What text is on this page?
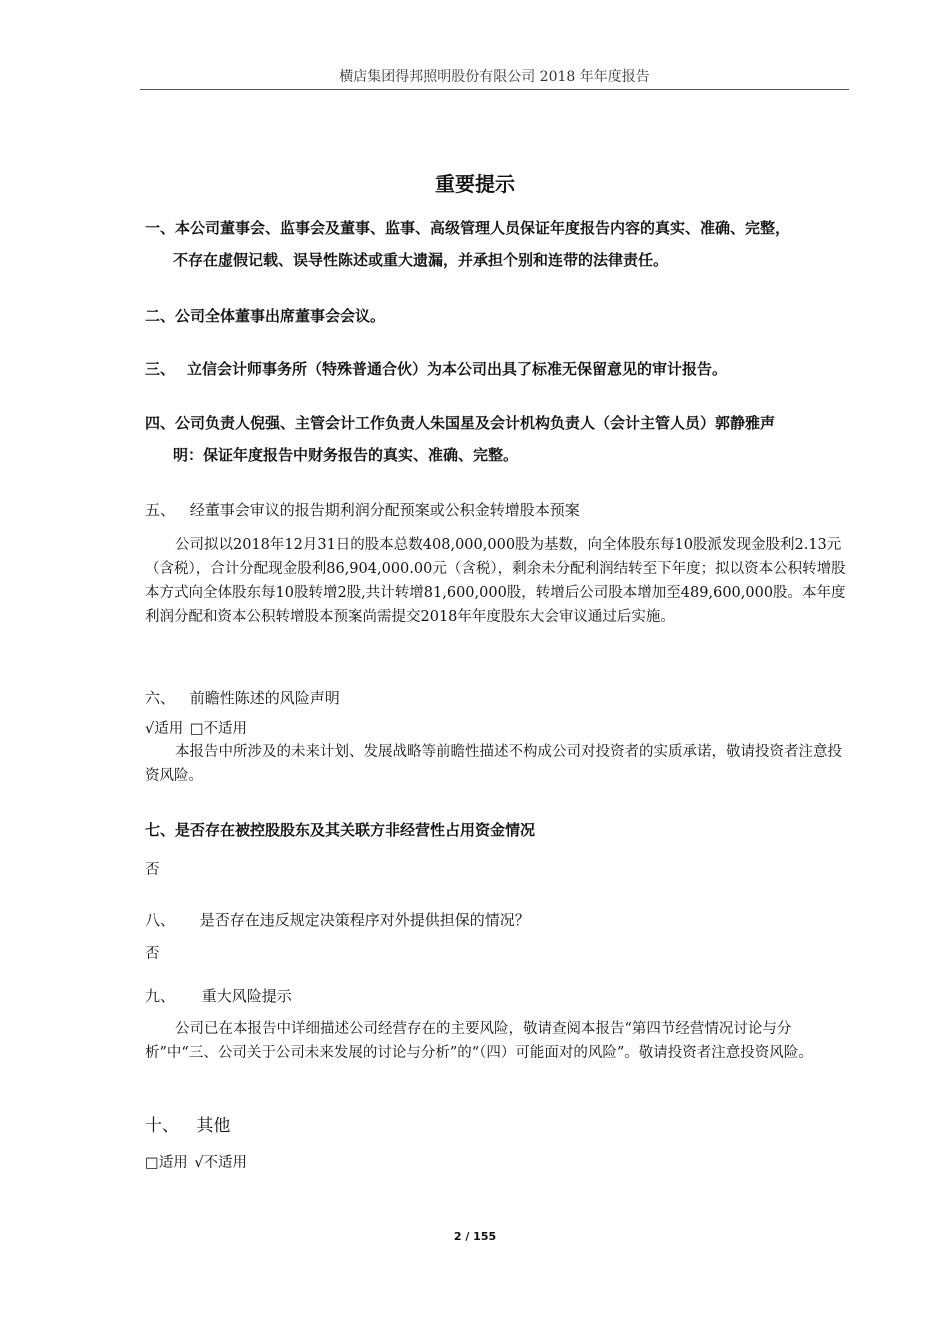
横店集团得邦照明股份有限公司 2018 年年度报告
重要提示
一、本公司董事会、监事会及董事、监事、高级管理人员保证年度报告内容的真实、准确、完整，
不存在虚假记载、误导性陈述或重大遗漏，并承担个别和连带的法律责任。
二、公司全体董事出席董事会会议。
三、 立信会计师事务所（特殊普通合伙）为本公司出具了标准无保留意见的审计报告。
四、公司负责人倪强、主管会计工作负责人朱国星及会计机构负责人（会计主管人员）郭静雅声
明：保证年度报告中财务报告的真实、准确、完整。
五、 经董事会审议的报告期利润分配预案或公积金转增股本预案
公司拟以2018年12月31日的股本总数408,000,000股为基数，向全体股东每10股派发现金股利2.13元（含税），合计分配现金股利86,904,000.00元（含税），剩余未分配利润结转至下年度；拟以资本公积转增股本方式向全体股东每10股转增2股,共计转增81,600,000股，转增后公司股本增加至489,600,000股。本年度利润分配和资本公积转增股本预案尚需提交2018年年度股东大会审议通过后实施。
六、 前瞻性陈述的风险声明
√适用 □不适用
本报告中所涉及的未来计划、发展战略等前瞻性描述不构成公司对投资者的实质承诺，敬请投资者注意投资风险。
七、是否存在被控股股东及其关联方非经营性占用资金情况
否
八、 是否存在违反规定决策程序对外提供担保的情况？
否
九、 重大风险提示
公司已在本报告中详细描述公司经营存在的主要风险，敬请查阅本报告“第四节经营情况讨论与分析”中“三、公司关于公司未来发展的讨论与分析”的“（四）可能面对的风险”。敬请投资者注意投资风险。
十、 其他
□适用 √不适用
2 / 155
